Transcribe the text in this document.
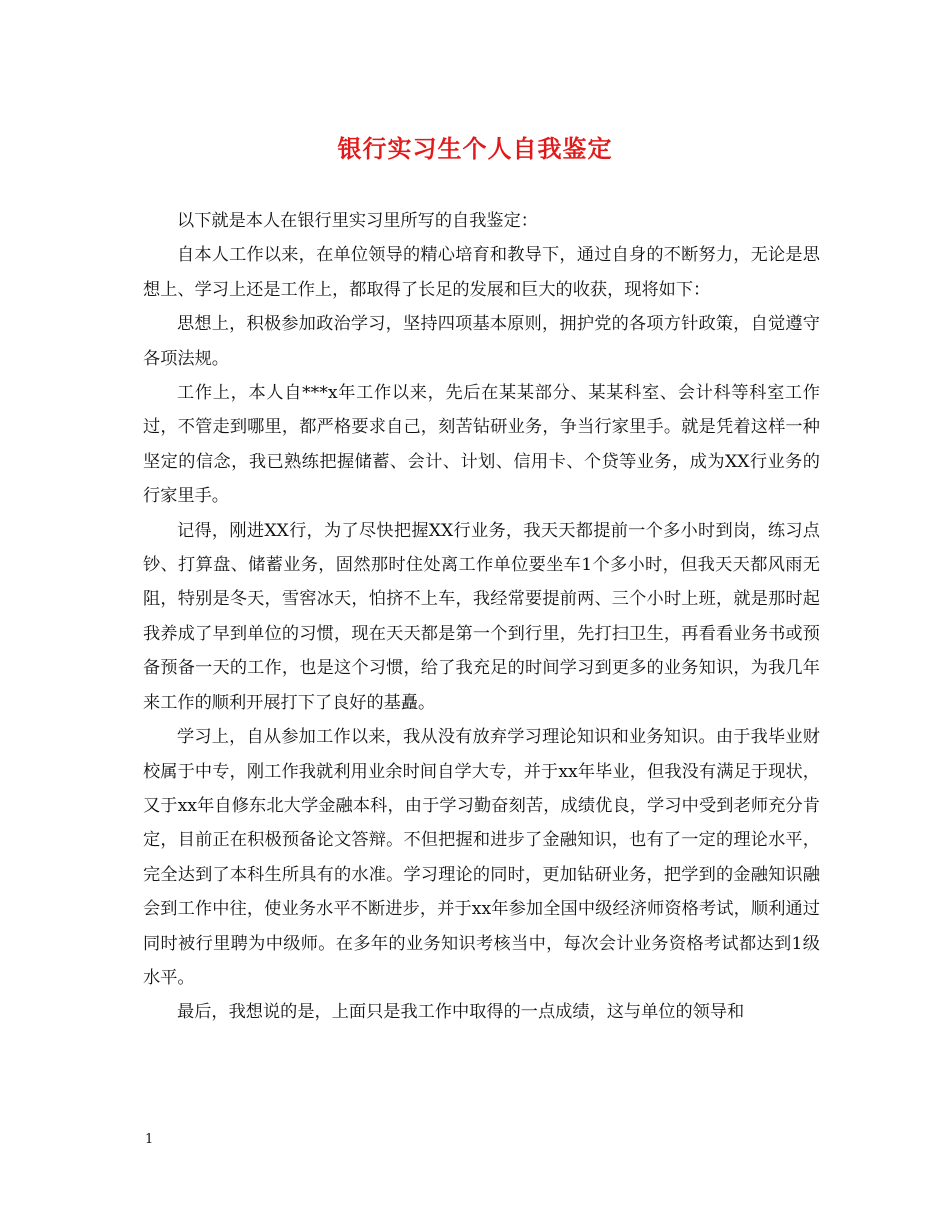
银行实习生个人自我鉴定

以下就是本人在银行里实习里所写的自我鉴定：

自本人工作以来，在单位领导的精心培育和教导下，通过自身的不断努力，无论是思想上、学习上还是工作上，都取得了长足的发展和巨大的收获，现将如下：

思想上，积极参加政治学习，坚持四项基本原则，拥护党的各项方针政策，自觉遵守各项法规。

工作上，本人自***x年工作以来，先后在某某部分、某某科室、会计科等科室工作过，不管走到哪里，都严格要求自己，刻苦钻研业务，争当行家里手。就是凭着这样一种坚定的信念，我已熟练把握储蓄、会计、计划、信用卡、个贷等业务，成为XX行业务的行家里手。

记得，刚进XX行，为了尽快把握XX行业务，我天天都提前一个多小时到岗，练习点钞、打算盘、储蓄业务，固然那时住处离工作单位要坐车1个多小时，但我天天都风雨无阻，特别是冬天，雪窖冰天，怕挤不上车，我经常要提前两、三个小时上班，就是那时起我养成了早到单位的习惯，现在天天都是第一个到行里，先打扫卫生，再看看业务书或预备预备一天的工作，也是这个习惯，给了我充足的时间学习到更多的业务知识，为我几年来工作的顺利开展打下了良好的基矗。

学习上，自从参加工作以来，我从没有放弃学习理论知识和业务知识。由于我毕业财校属于中专，刚工作我就利用业余时间自学大专，并于xx年毕业，但我没有满足于现状，又于xx年自修东北大学金融本科，由于学习勤奋刻苦，成绩优良，学习中受到老师充分肯定，目前正在积极预备论文答辩。不但把握和进步了金融知识，也有了一定的理论水平，完全达到了本科生所具有的水准。学习理论的同时，更加钻研业务，把学到的金融知识融会到工作中往，使业务水平不断进步，并于xx年参加全国中级经济师资格考试，顺利通过同时被行里聘为中级师。在多年的业务知识考核当中，每次会计业务资格考试都达到1级水平。

最后，我想说的是，上面只是我工作中取得的一点成绩，这与单位的领导和

1
